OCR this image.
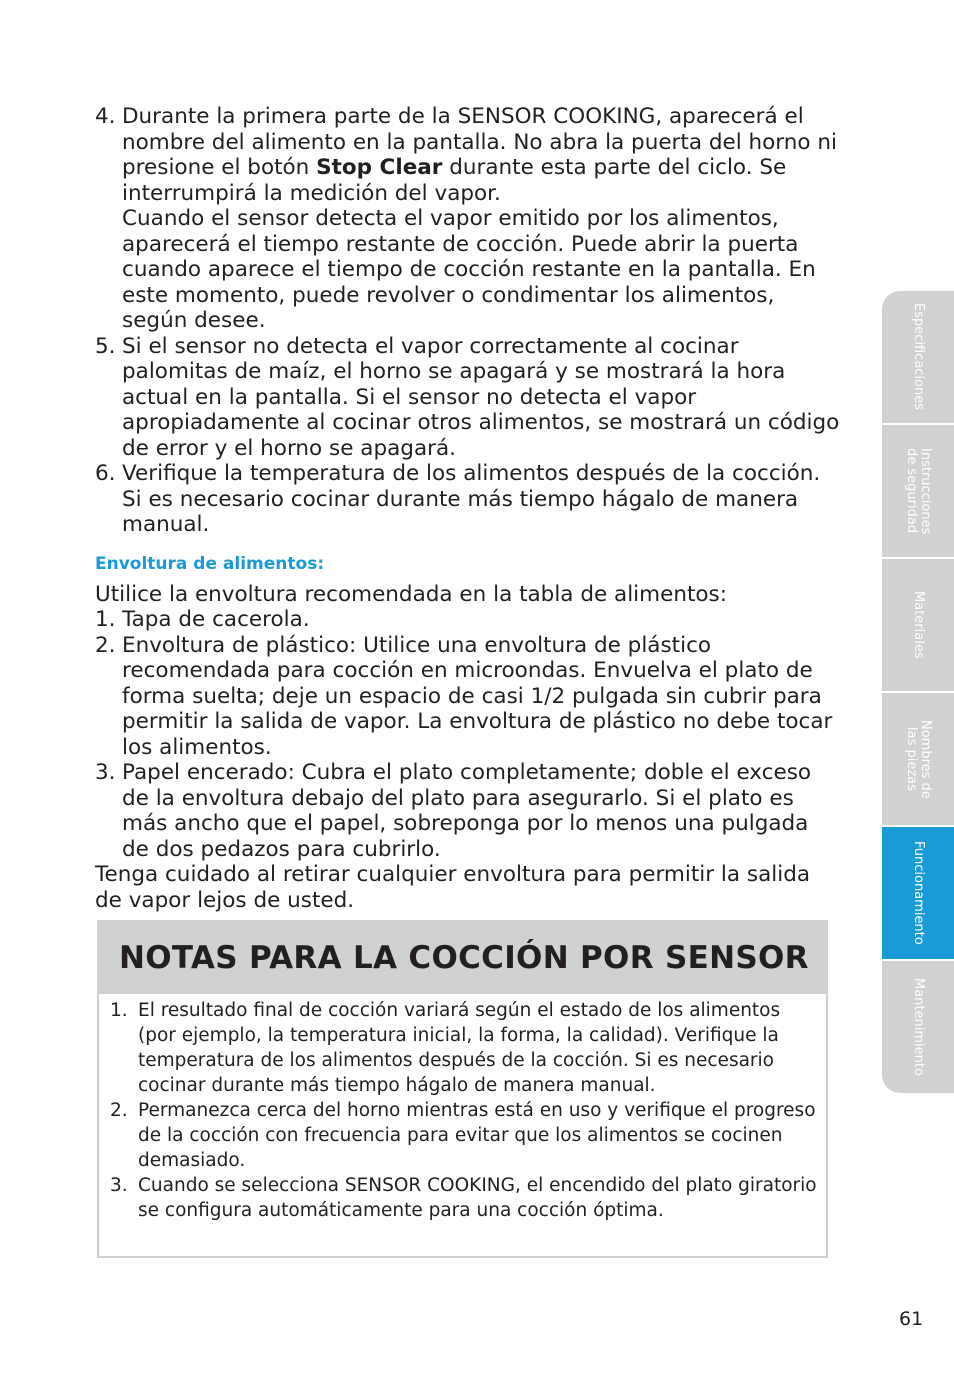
4. Durante la primera parte de la SENSOR COOKING, aparecerá el nombre del alimento en la pantalla. No abra la puerta del horno ni presione el botón Stop Clear durante esta parte del ciclo. Se interrumpirá la medición del vapor.

Cuando el sensor detecta el vapor emitido por los alimentos, aparecerá el tiempo restante de cocción. Puede abrir la puerta cuando aparece el tiempo de cocción restante en la pantalla. En este momento, puede revolver o condimentar los alimentos, según desee.

5. Si el sensor no detecta el vapor correctamente al cocinar palomitas de maíz, el horno se apagará y se mostrará la hora actual en la pantalla. Si el sensor no detecta el vapor apropiadamente al cocinar otros alimentos, se mostrará un código de error y el horno se apagará.

6. Verifique la temperatura de los alimentos después de la cocción. Si es necesario cocinar durante más tiempo hágalo de manera manual.

Envoltura de alimentos:

Utilice la envoltura recomendada en la tabla de alimentos:

1. Tapa de cacerola.

2. Envoltura de plástico: Utilice una envoltura de plástico recomendada para cocción en microondas. Envuelva el plato de forma suelta; deje un espacio de casi 1/2 pulgada sin cubrir para permitir la salida de vapor. La envoltura de plástico no debe tocar los alimentos.

3. Papel encerado: Cubra el plato completamente; doble el exceso de la envoltura debajo del plato para asegurarlo. Si el plato es más ancho que el papel, sobreponga por lo menos una pulgada de dos pedazos para cubrirlo.

Tenga cuidado al retirar cualquier envoltura para permitir la salida de vapor lejos de usted.

NOTAS PARA LA COCCIÓN POR SENSOR
1. El resultado final de cocción variará según el estado de los alimentos (por ejemplo, la temperatura inicial, la forma, la calidad). Verifique la temperatura de los alimentos después de la cocción. Si es necesario cocinar durante más tiempo hágalo de manera manual.
2. Permanezca cerca del horno mientras está en uso y verifique el progreso de la cocción con frecuencia para evitar que los alimentos se cocinen demasiado.
3. Cuando se selecciona SENSOR COOKING, el encendido del plato giratorio se configura automáticamente para una cocción óptima.
Especificaciones
Instrucciones
de seguridad
Materiales
Nombres de
las piezas
Funcionamiento
Mantenimiento
61
